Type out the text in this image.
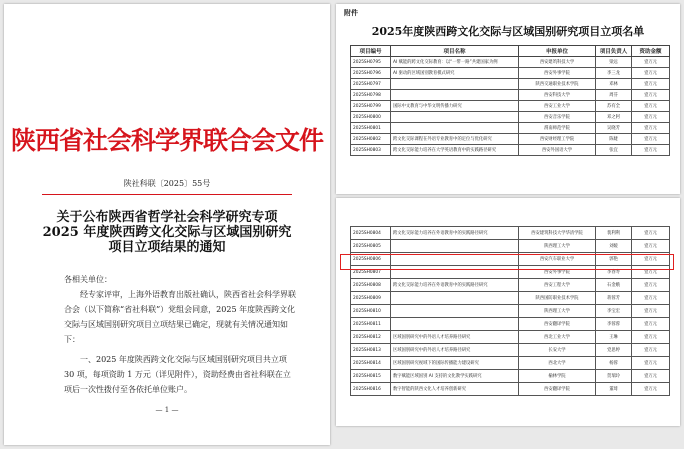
陕西省社会科学界联合会文件
陕社科联〔2025〕55号
关于公布陕西省哲学社会科学研究专项
2025 年度陕西跨文化交际与区域国别研究
项目立项结果的通知
各相关单位：
经专家评审，上海外语教育出版社确认，陕西省社会科学界联合会（以下简称“省社科联”）党组会同意，2025 年度陕西跨文化交际与区域国别研究项目立项结果已确定，现就有关情况通知如下：
一、2025 年度陕西跨文化交际与区域国别研究项目共立项 30 项，每项资助 1 万元（详见附件），资助经费由省社科联在立项后一次性拨付至各依托单位账户。
— 1 —
附件
2025年度陕西跨文化交际与区域国别研究项目立项名单
项目编号	项目名称	申报单位	项目负责人	资助金额
2025SH0795	AI 赋能的跨文化交际教育：以“一带一路”共建国家为例	西安建筑科技大学	梁远	壹万元
2025SH0796	AI 驱动的区域国别教育模式研究	西安外事学院	李三龙	壹万元
2025SH0797		陕西交通职业技术学院	邓林	壹万元
2025SH0798		西安科技大学	周芬	壹万元
2025SH0799	国际中文教育与中华文明传播力研究	西安工业大学	苏有全	壹万元
2025SH0800		西安音乐学院	邓之阿	壹万元
2025SH0801		渭南师范学院	吴晓芳	壹万元
2025SH0802	跨文化交际课程在外语专业教育中的定位与优化研究	西安财经理工学院	陈婕	壹万元
2025SH0803	跨文化交际能力培养在大学英语教育中的实践路径研究	西安外国语大学	张宜	壹万元
2025SH0804	跨文化交际能力培养在外语教育中的实践路径研究	西安建筑科技大学华清学院	裴利利	壹万元
2025SH0805		陕西理工大学	刘媛	壹万元
2025SH0806		西安汽车职业大学	郭艳	壹万元
2025SH0807		西安外事学院	李春寿	壹万元
2025SH0808	跨文化交际能力培养在外语教育中的实践路径研究	西安工程大学	石金娥	壹万元
2025SH0809		陕西国防职业技术学院	蒋蓉芳	壹万元
2025SH0810		陕西理工大学	李宝宏	壹万元
2025SH0811		西安翻译学院	李蓉蓉	壹万元
2025SH0812	区域国别研究中的外语人才培养路径研究	西北工业大学	王琳	壹万元
2025SH0813	区域国别研究中的外语人才培养路径研究	长安大学	党思婷	壹万元
2025SH0814	区域国别研究视域下的国际传播能力建设研究	西北大学	杨蓉	壹万元
2025SH0815	数字赋能区域国别 AI 支持的文化教学实践研究	榆林学院	贺瑞玲	壹万元
2025SH0816	数字智能的陕西文化人才培养创新研究	西安翻译学院	董琦	壹万元
